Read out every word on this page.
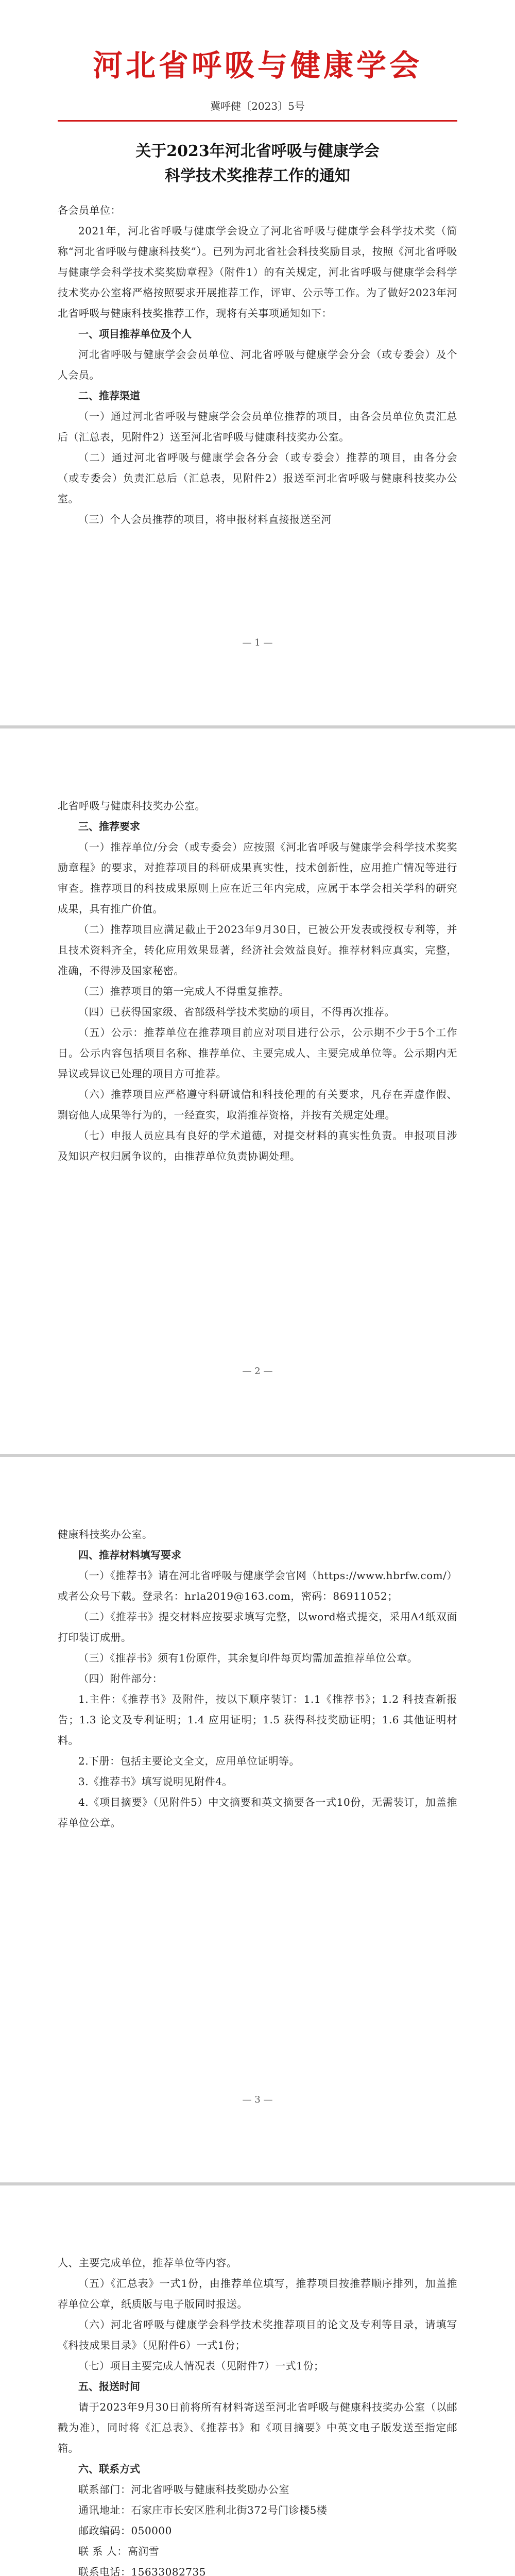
河北省呼吸与健康学会
冀呼健〔2023〕5号
关于2023年河北省呼吸与健康学会
科学技术奖推荐工作的通知

各会员单位：

2021年，河北省呼吸与健康学会设立了河北省呼吸与健康学会科学技术奖（简称“河北省呼吸与健康科技奖”）。已列为河北省社会科技奖励目录，按照《河北省呼吸与健康学会科学技术奖奖励章程》（附件1）的有关规定，河北省呼吸与健康学会科学技术奖办公室将严格按照要求开展推荐工作，评审、公示等工作。为了做好2023年河北省呼吸与健康科技奖推荐工作，现将有关事项通知如下：

一、项目推荐单位及个人

河北省呼吸与健康学会会员单位、河北省呼吸与健康学会分会（或专委会）及个人会员。

二、推荐渠道

（一）通过河北省呼吸与健康学会会员单位推荐的项目，由各会员单位负责汇总后（汇总表，见附件2）送至河北省呼吸与健康科技奖办公室。

（二）通过河北省呼吸与健康学会各分会（或专委会）推荐的项目，由各分会（或专委会）负责汇总后（汇总表，见附件2）报送至河北省呼吸与健康科技奖办公室。

（三）个人会员推荐的项目，将申报材料直接报送至河

— 1 —

北省呼吸与健康科技奖办公室。

三、推荐要求

（一）推荐单位/分会（或专委会）应按照《河北省呼吸与健康学会科学技术奖奖励章程》的要求，对推荐项目的科研成果真实性，技术创新性，应用推广情况等进行审查。推荐项目的科技成果原则上应在近三年内完成，应属于本学会相关学科的研究成果，具有推广价值。

（二）推荐项目应满足截止于2023年9月30日，已被公开发表或授权专利等，并且技术资料齐全，转化应用效果显著，经济社会效益良好。推荐材料应真实，完整，准确，不得涉及国家秘密。

（三）推荐项目的第一完成人不得重复推荐。

（四）已获得国家级、省部级科学技术奖励的项目，不得再次推荐。

（五）公示：推荐单位在推荐项目前应对项目进行公示，公示期不少于5个工作日。公示内容包括项目名称、推荐单位、主要完成人、主要完成单位等。公示期内无异议或异议已处理的项目方可推荐。

（六）推荐项目应严格遵守科研诚信和科技伦理的有关要求，凡存在弄虚作假、剽窃他人成果等行为的，一经查实，取消推荐资格，并按有关规定处理。

（七）申报人员应具有良好的学术道德，对提交材料的真实性负责。申报项目涉及知识产权归属争议的，由推荐单位负责协调处理。

— 2 —

健康科技奖办公室。

四、推荐材料填写要求

（一）《推荐书》请在河北省呼吸与健康学会官网（https://www.hbrfw.com/）或者公众号下载。登录名：hrla2019@163.com，密码：86911052；

（二）《推荐书》提交材料应按要求填写完整，以word格式提交，采用A4纸双面打印装订成册。

（三）《推荐书》须有1份原件，其余复印件每页均需加盖推荐单位公章。

（四）附件部分：

1.主件：《推荐书》及附件，按以下顺序装订：1.1《推荐书》；1.2 科技查新报告；1.3 论文及专利证明；1.4 应用证明；1.5 获得科技奖励证明；1.6 其他证明材料。

2.下册：包括主要论文全文，应用单位证明等。

3.《推荐书》填写说明见附件4。

4.《项目摘要》（见附件5）中文摘要和英文摘要各一式10份，无需装订，加盖推荐单位公章。

— 3 —

人、主要完成单位，推荐单位等内容。

（五）《汇总表》一式1份，由推荐单位填写，推荐项目按推荐顺序排列，加盖推荐单位公章，纸质版与电子版同时报送。

（六）河北省呼吸与健康学会科学技术奖推荐项目的论文及专利等目录，请填写《科技成果目录》（见附件6）一式1份；

（七）项目主要完成人情况表（见附件7）一式1份；

五、报送时间

请于2023年9月30日前将所有材料寄送至河北省呼吸与健康科技奖办公室（以邮戳为准），同时将《汇总表》、《推荐书》和《项目摘要》中英文电子版发送至指定邮箱。

六、联系方式

联系部门：河北省呼吸与健康科技奖励办公室

通讯地址：石家庄市长安区胜利北街372号门诊楼5楼

邮政编码：050000

联 系 人：高润雪

联系电话：15633082735
